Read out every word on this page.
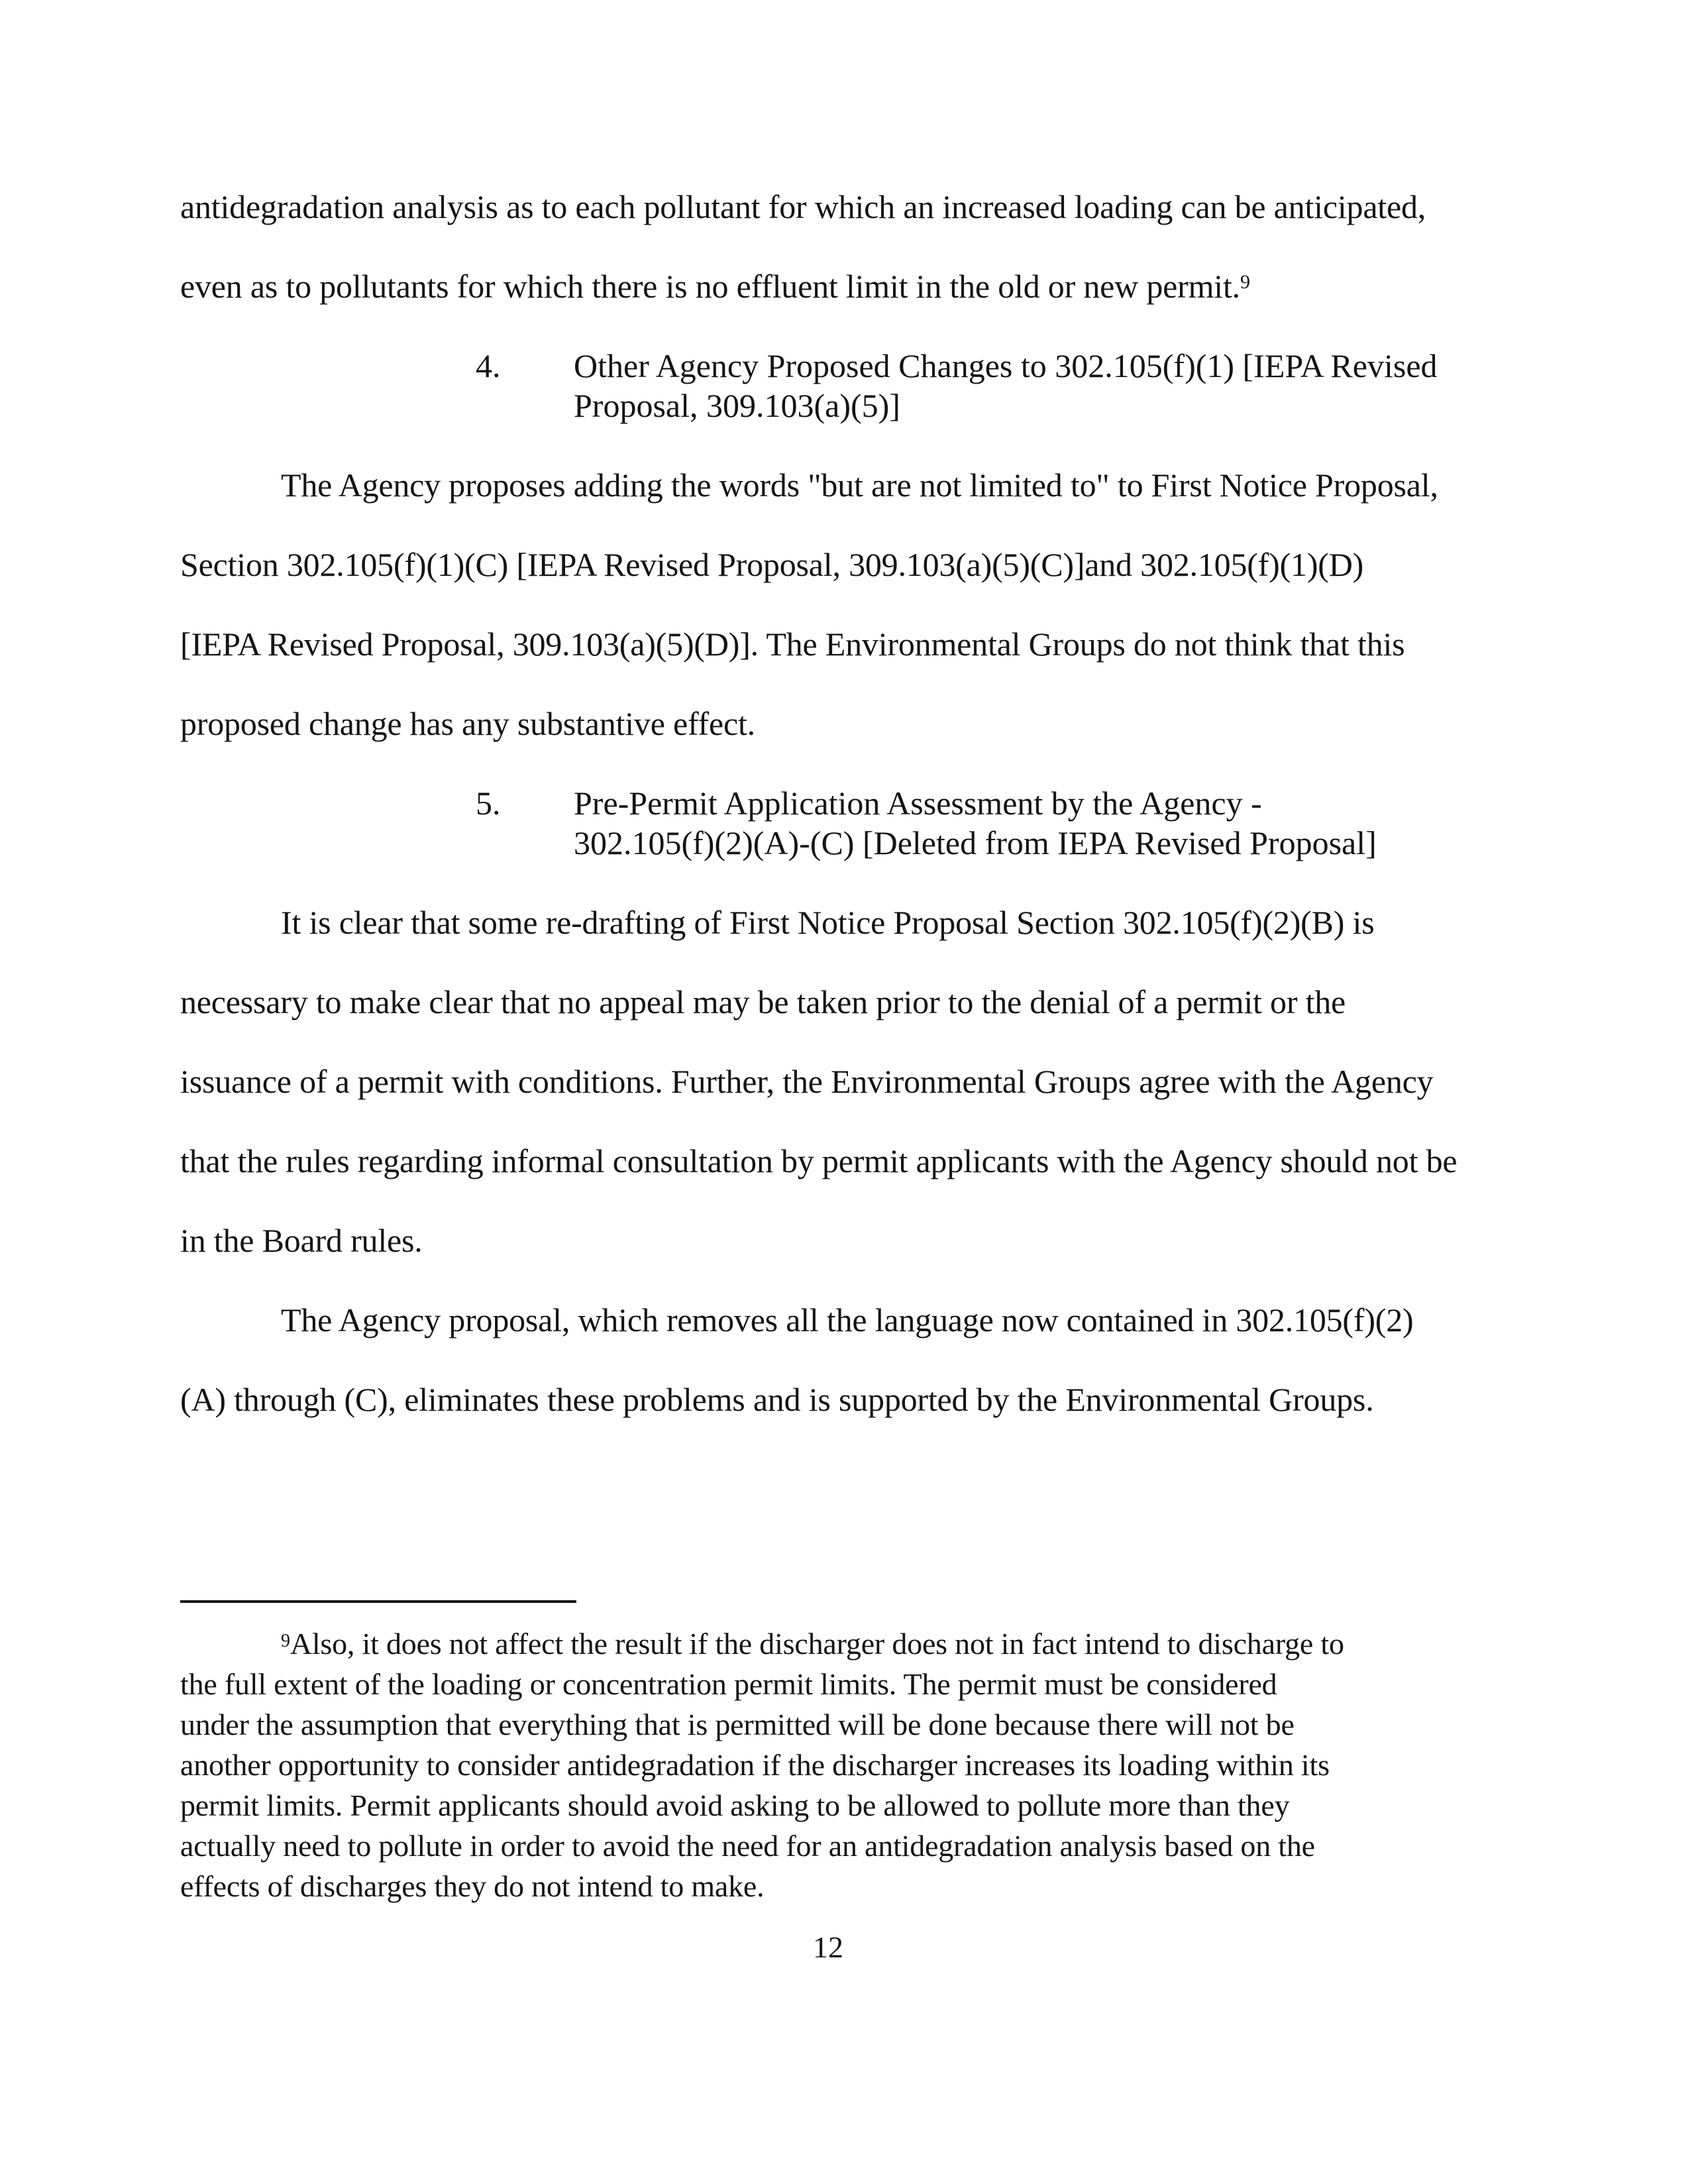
antidegradation analysis as to each pollutant for which an increased loading can be anticipated,
even as to pollutants for which there is no effluent limit in the old or new permit.$^9$
4. Other Agency Proposed Changes to 302.105(f)(1) [IEPA Revised
Proposal, 309.103(a)(5)]
The Agency proposes adding the words "but are not limited to" to First Notice Proposal,
Section 302.105(f)(1)(C) [IEPA Revised Proposal, 309.103(a)(5)(C)]and 302.105(f)(1)(D)
[IEPA Revised Proposal, 309.103(a)(5)(D)]. The Environmental Groups do not think that this
proposed change has any substantive effect.
5. Pre-Permit Application Assessment by the Agency -
302.105(f)(2)(A)-(C) [Deleted from IEPA Revised Proposal]
It is clear that some re-drafting of First Notice Proposal Section 302.105(f)(2)(B) is
necessary to make clear that no appeal may be taken prior to the denial of a permit or the
issuance of a permit with conditions. Further, the Environmental Groups agree with the Agency
that the rules regarding informal consultation by permit applicants with the Agency should not be
in the Board rules.
The Agency proposal, which removes all the language now contained in 302.105(f)(2)
(A) through (C), eliminates these problems and is supported by the Environmental Groups.
$^9$Also, it does not affect the result if the discharger does not in fact intend to discharge to
the full extent of the loading or concentration permit limits. The permit must be considered
under the assumption that everything that is permitted will be done because there will not be
another opportunity to consider antidegradation if the discharger increases its loading within its
permit limits. Permit applicants should avoid asking to be allowed to pollute more than they
actually need to pollute in order to avoid the need for an antidegradation analysis based on the
effects of discharges they do not intend to make.
12
